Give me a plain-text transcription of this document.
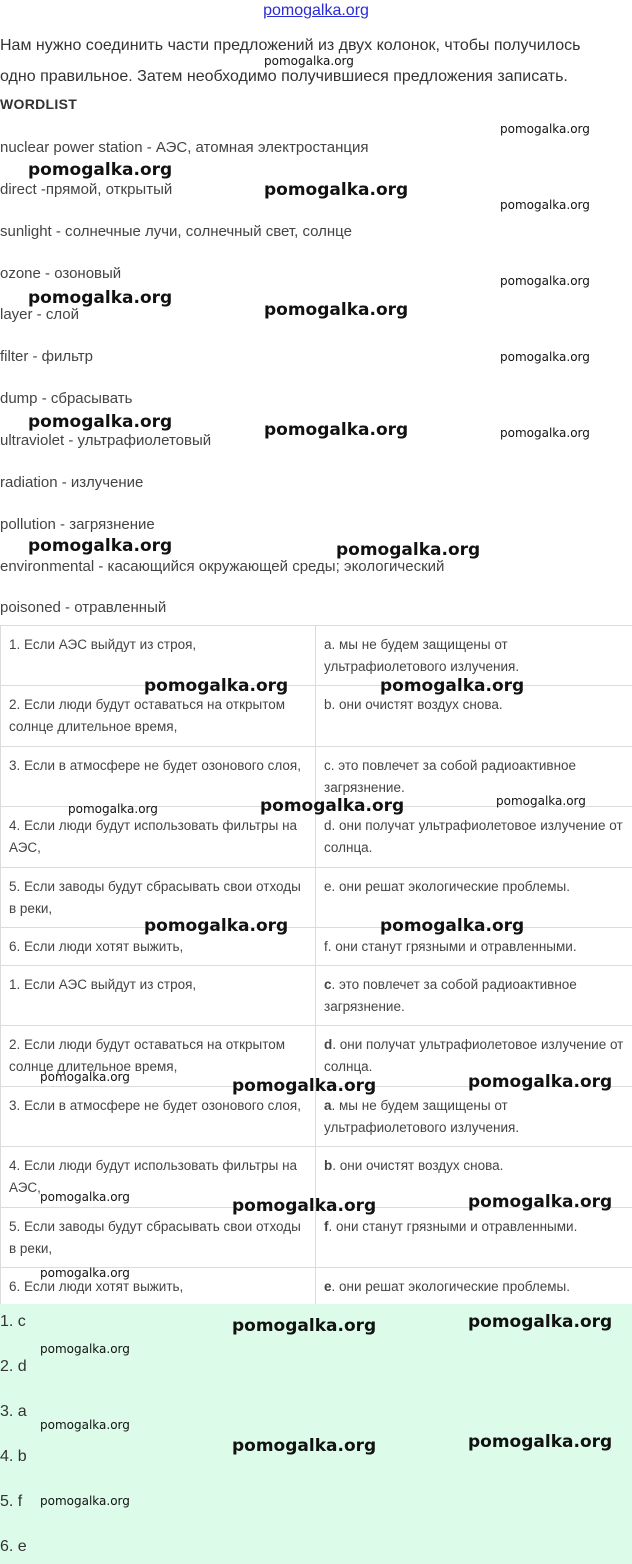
pomogalka.org

Нам нужно соединить части предложений из двух колонок, чтобы получилось

одно правильное. Затем необходимо получившиеся предложения записать.

WORDLIST
nuclear power station - АЭС, атомная электростанция
direct -прямой, открытый
sunlight - солнечные лучи, солнечный свет, солнце
ozone - озоновый
layer - слой
filter - фильтр
dump - сбрасывать
ultraviolet - ультрафиолетовый
radiation - излучение
pollution - загрязнение
environmental - касающийся окружающей среды; экологический
poisoned - отравленный
1. Если АЭС выйдут из строя,	a. мы не будем защищены от ультрафиолетового излучения.
2. Если люди будут оставаться на открытом солнце длительное время,	b. они очистят воздух снова.
3. Если в атмосфере не будет озонового слоя,	c. это повлечет за собой радиоактивное загрязнение.
4. Если люди будут использовать фильтры на АЭС,	d. они получат ультрафиолетовое излучение от солнца.
5. Если заводы будут сбрасывать свои отходы в реки,	e. они решат экологические проблемы.
6. Если люди хотят выжить,	f. они станут грязными и отравленными.
1. Если АЭС выйдут из строя,	c. это повлечет за собой радиоактивное загрязнение.
2. Если люди будут оставаться на открытом солнце длительное время,	d. они получат ультрафиолетовое излучение от солнца.
3. Если в атмосфере не будет озонового слоя,	a. мы не будем защищены от ультрафиолетового излучения.
4. Если люди будут использовать фильтры на АЭС,	b. они очистят воздух снова.
5. Если заводы будут сбрасывать свои отходы в реки,	f. они станут грязными и отравленными.
6. Если люди хотят выжить,	e. они решат экологические проблемы.
1. c
2. d
3. a
4. b
5. f
6. e
pomogalka.org
pomogalka.org
pomogalka.org
pomogalka.org
pomogalka.org
pomogalka.org
pomogalka.org
pomogalka.org
pomogalka.org
pomogalka.org
pomogalka.org
pomogalka.org
pomogalka.org	pomogalka.org
pomogalka.org	pomogalka.org
pomogalka.org	pomogalka.org	pomogalka.org
pomogalka.org	pomogalka.org
pomogalka.org	pomogalka.org	pomogalka.org
pomogalka.org	pomogalka.org	pomogalka.org
pomogalka.org
pomogalka.org	pomogalka.org
pomogalka.org
pomogalka.org
pomogalka.org	pomogalka.org
pomogalka.org
